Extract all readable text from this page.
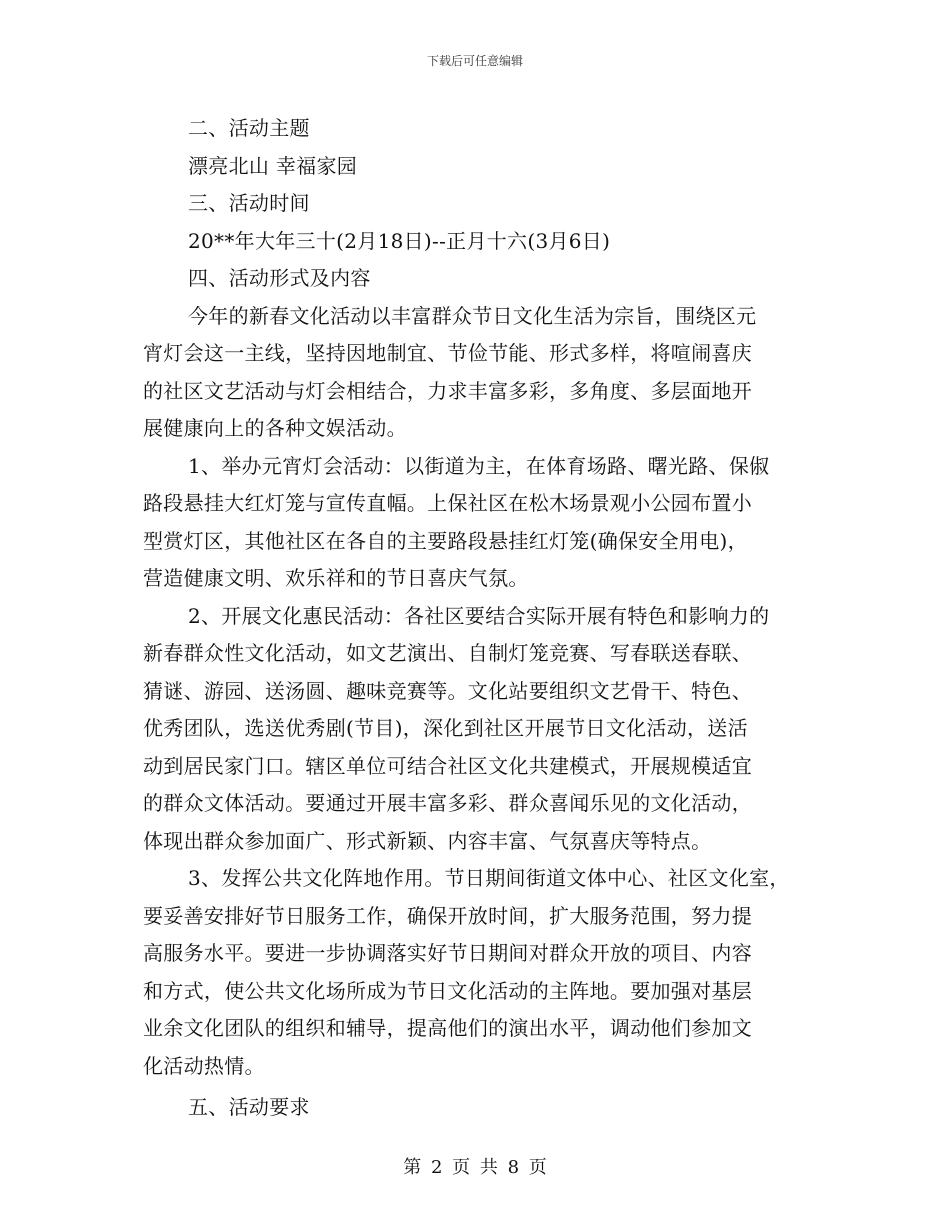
下载后可任意编辑
二、活动主题
漂亮北山 幸福家园
三、活动时间
20**年大年三十(2月18日)--正月十六(3月6日)
四、活动形式及内容
今年的新春文化活动以丰富群众节日文化生活为宗旨，围绕区元
宵灯会这一主线，坚持因地制宜、节俭节能、形式多样，将喧闹喜庆
的社区文艺活动与灯会相结合，力求丰富多彩，多角度、多层面地开
展健康向上的各种文娱活动。
1、举办元宵灯会活动：以街道为主，在体育场路、曙光路、保俶
路段悬挂大红灯笼与宣传直幅。上保社区在松木场景观小公园布置小
型赏灯区，其他社区在各自的主要路段悬挂红灯笼(确保安全用电)，
营造健康文明、欢乐祥和的节日喜庆气氛。
2、开展文化惠民活动：各社区要结合实际开展有特色和影响力的
新春群众性文化活动，如文艺演出、自制灯笼竞赛、写春联送春联、
猜谜、游园、送汤圆、趣味竞赛等。文化站要组织文艺骨干、特色、
优秀团队，选送优秀剧(节目)，深化到社区开展节日文化活动，送活
动到居民家门口。辖区单位可结合社区文化共建模式，开展规模适宜
的群众文体活动。要通过开展丰富多彩、群众喜闻乐见的文化活动，
体现出群众参加面广、形式新颖、内容丰富、气氛喜庆等特点。
3、发挥公共文化阵地作用。节日期间街道文体中心、社区文化室，
要妥善安排好节日服务工作，确保开放时间，扩大服务范围，努力提
高服务水平。要进一步协调落实好节日期间对群众开放的项目、内容
和方式，使公共文化场所成为节日文化活动的主阵地。要加强对基层
业余文化团队的组织和辅导，提高他们的演出水平，调动他们参加文
化活动热情。
五、活动要求
第 2 页 共 8 页
